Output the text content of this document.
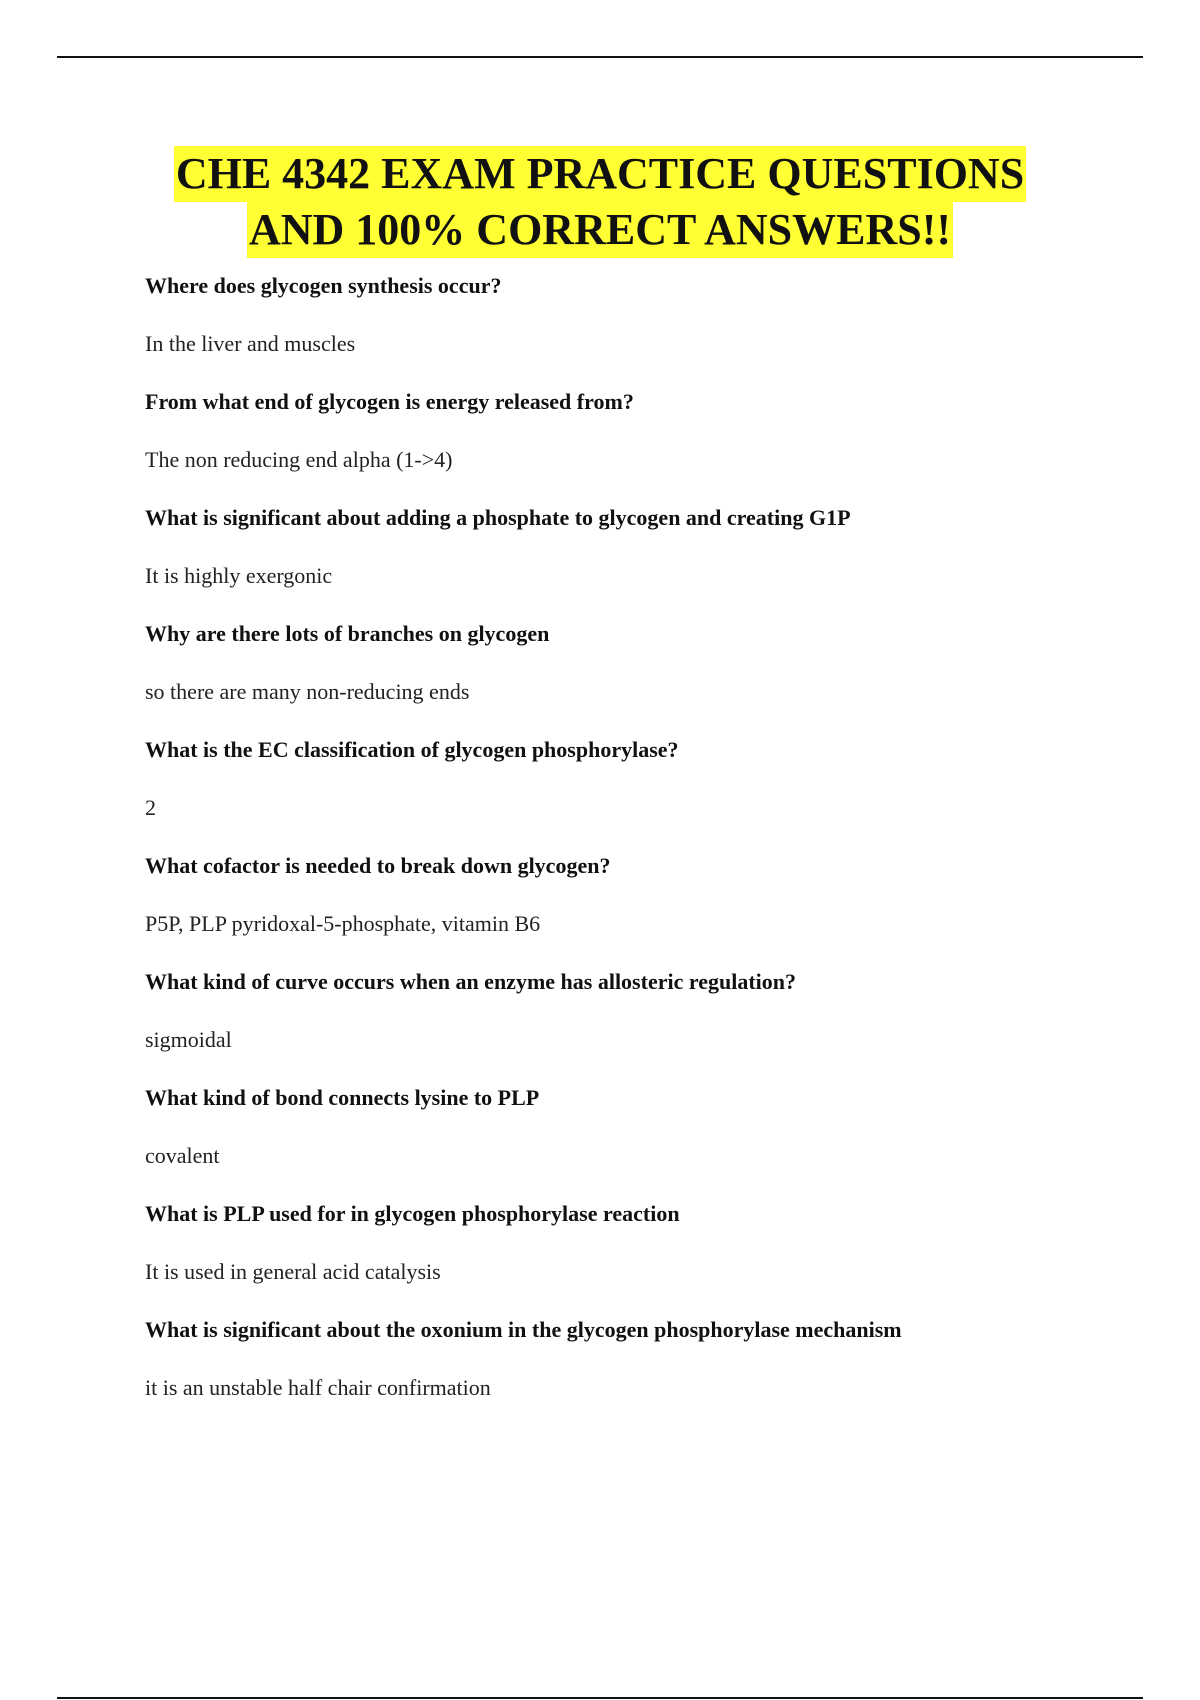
CHE 4342 EXAM PRACTICE QUESTIONS
AND 100% CORRECT ANSWERS!!
Where does glycogen synthesis occur?
In the liver and muscles
From what end of glycogen is energy released from?
The non reducing end alpha (1->4)
What is significant about adding a phosphate to glycogen and creating G1P
It is highly exergonic
Why are there lots of branches on glycogen
so there are many non-reducing ends
What is the EC classification of glycogen phosphorylase?
2
What cofactor is needed to break down glycogen?
P5P, PLP pyridoxal-5-phosphate, vitamin B6
What kind of curve occurs when an enzyme has allosteric regulation?
sigmoidal
What kind of bond connects lysine to PLP
covalent
What is PLP used for in glycogen phosphorylase reaction
It is used in general acid catalysis
What is significant about the oxonium in the glycogen phosphorylase mechanism
it is an unstable half chair confirmation
